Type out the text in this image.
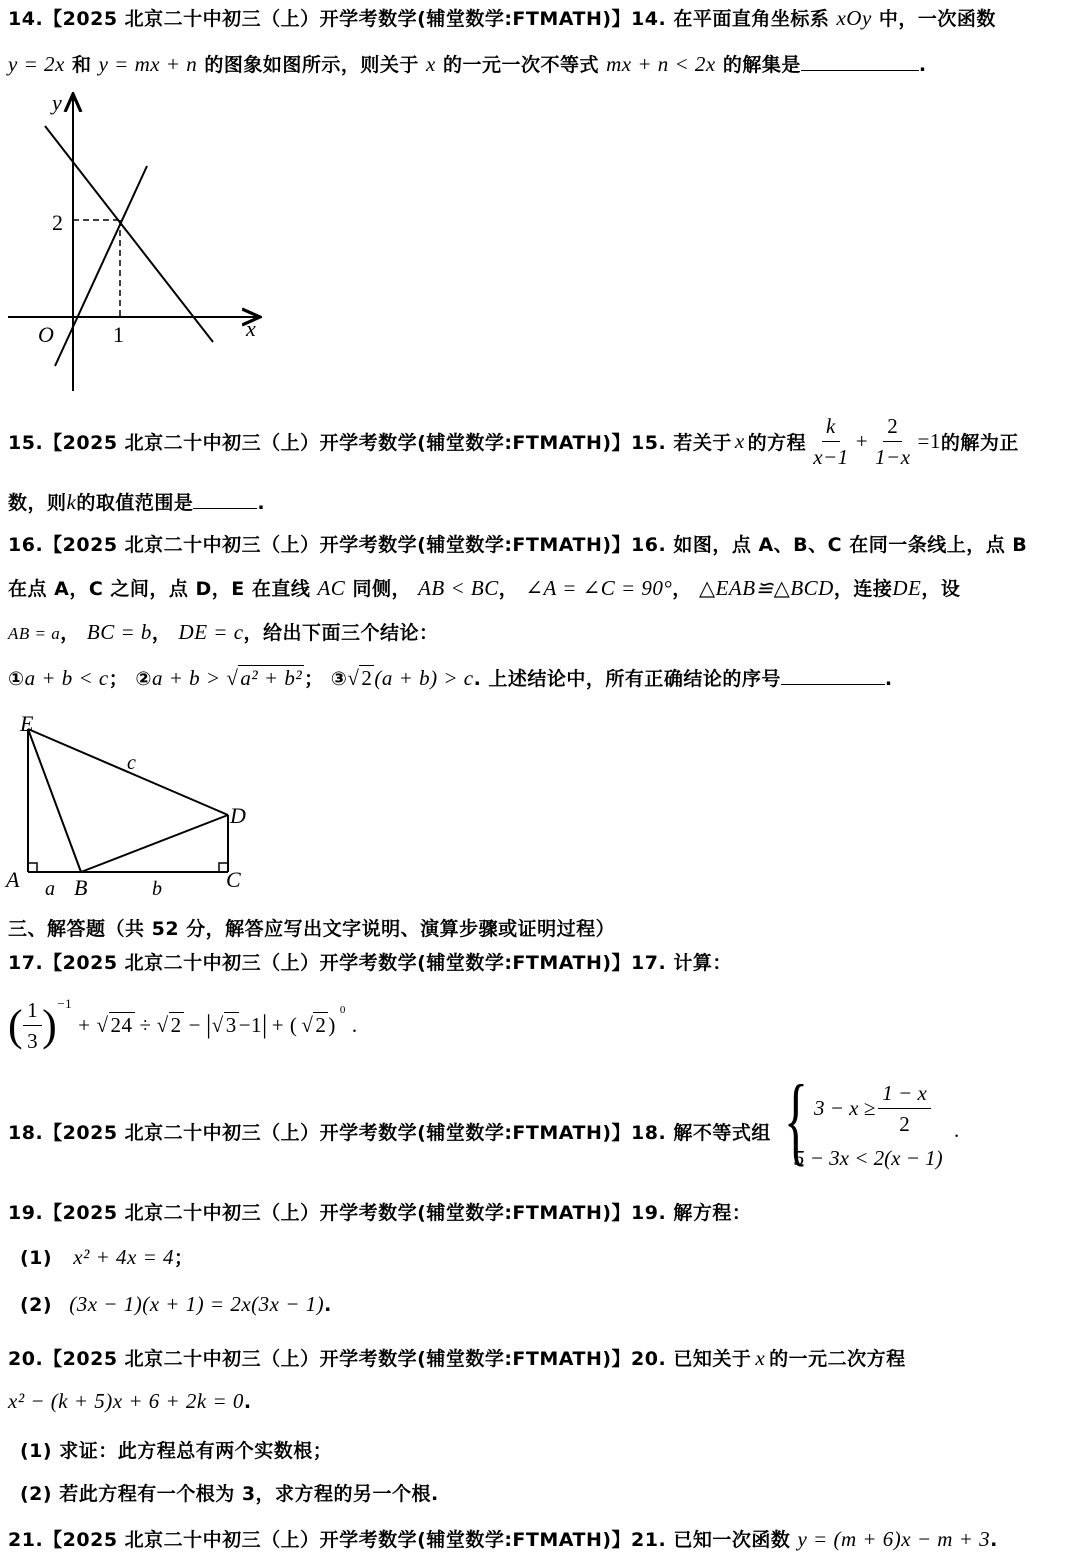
14.【2025 北京二十中初三（上）开学考数学(辅堂数学:FTMATH)】14. 在平面直角坐标系 xOy 中，一次函数
y = 2x 和 y = mx + n 的图象如图所示，则关于 x 的一元一次不等式 mx + n < 2x 的解集是	.
y
x
O
2
1
15.【2025 北京二十中初三（上）开学考数学(辅堂数学:FTMATH)】15. 若关于 x 的方程 $\frac{k}{x-1} + \frac{2}{1-x} =1$ 的解为正
数，则k的取值范围是	.
16.【2025 北京二十中初三（上）开学考数学(辅堂数学:FTMATH)】16. 如图，点 A、B、C 在同一条线上，点 B
在点 A，C 之间，点 D，E 在直线 AC 同侧， AB < BC， ∠A = ∠C = 90°， △EAB≌△BCD，连接DE，设
AB = a， BC = b， DE = c，给出下面三个结论：
①a + b < c； ②a + b > √a² + b² ； ③√2(a + b) > c. 上述结论中，所有正确结论的序号	.
E
A B	C
D
a	b
c
三、解答题（共 52 分，解答应写出文字说明、演算步骤或证明过程）
17.【2025 北京二十中初三（上）开学考数学(辅堂数学:FTMATH)】17. 计算：
( $\frac{1}{3} )^{-1}$
+ √ 24 ÷ √ 2 − | √ 3 −1 | + ( √ 2 )
$^0$
.
18.【2025 北京二十中初三（上）开学考数学(辅堂数学:FTMATH)】18. 解不等式组 { $3 - x \ge \frac{1 - x}{2}$
5 − 3x < 2(x − 1)
.
19.【2025 北京二十中初三（上）开学考数学(辅堂数学:FTMATH)】19. 解方程：
(1) x² + 4x = 4；
(2) (3x − 1)(x + 1) = 2x(3x − 1).
20.【2025 北京二十中初三（上）开学考数学(辅堂数学:FTMATH)】20. 已知关于 x 的一元二次方程
x² − (k + 5)x + 6 + 2k = 0.
(1) 求证：此方程总有两个实数根；
(2) 若此方程有一个根为 3，求方程的另一个根.
21.【2025 北京二十中初三（上）开学考数学(辅堂数学:FTMATH)】21. 已知一次函数 y = (m + 6)x − m + 3.
